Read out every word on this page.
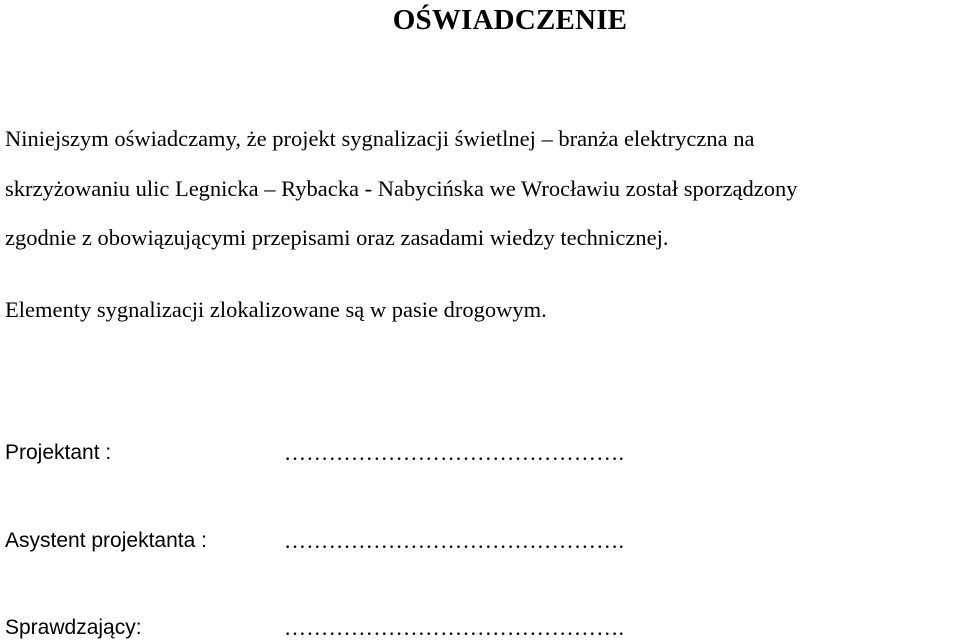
OŚWIADCZENIE
Niniejszym oświadczamy, że projekt sygnalizacji świetlnej – branża elektryczna na
skrzyżowaniu ulic Legnicka – Rybacka - Nabycińska we Wrocławiu został sporządzony
zgodnie z obowiązującymi przepisami oraz zasadami wiedzy technicznej.
Elementy sygnalizacji zlokalizowane są w pasie drogowym.
Projektant :	……………………………………….
Asystent projektanta :	……………………………………….
Sprawdzający:	……………………………………….
